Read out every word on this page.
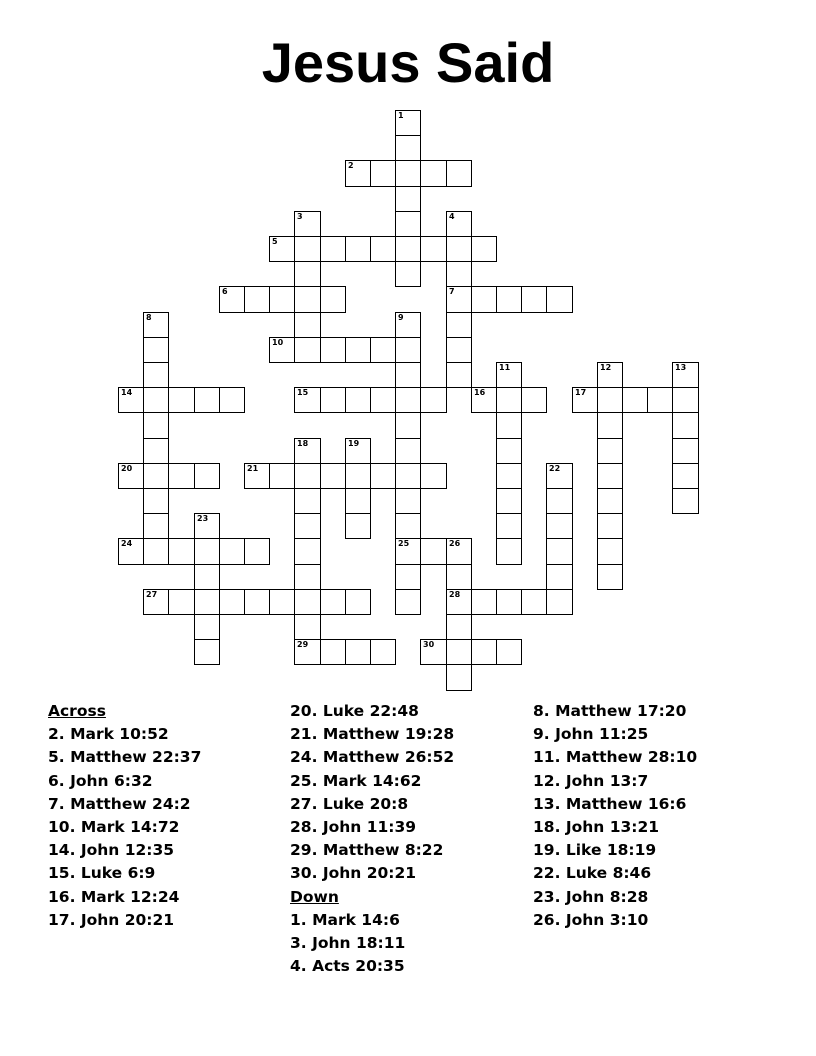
Jesus Said
1
2
3	4
7
5
6
8	9
25
10
11	12	13
14	15	16	17
18
29
19
20	21	22
23
24	26
28
27
30
Across
2. Mark 10:52
5. Matthew 22:37
6. John 6:32
7. Matthew 24:2
10. Mark 14:72
14. John 12:35
15. Luke 6:9
16. Mark 12:24
17. John 20:21
20. Luke 22:48
21. Matthew 19:28
24. Matthew 26:52
25. Mark 14:62
27. Luke 20:8
28. John 11:39
29. Matthew 8:22
30. John 20:21
Down
1. Mark 14:6
3. John 18:11
4. Acts 20:35
8. Matthew 17:20
9. John 11:25
11. Matthew 28:10
12. John 13:7
13. Matthew 16:6
18. John 13:21
19. Like 18:19
22. Luke 8:46
23. John 8:28
26. John 3:10
